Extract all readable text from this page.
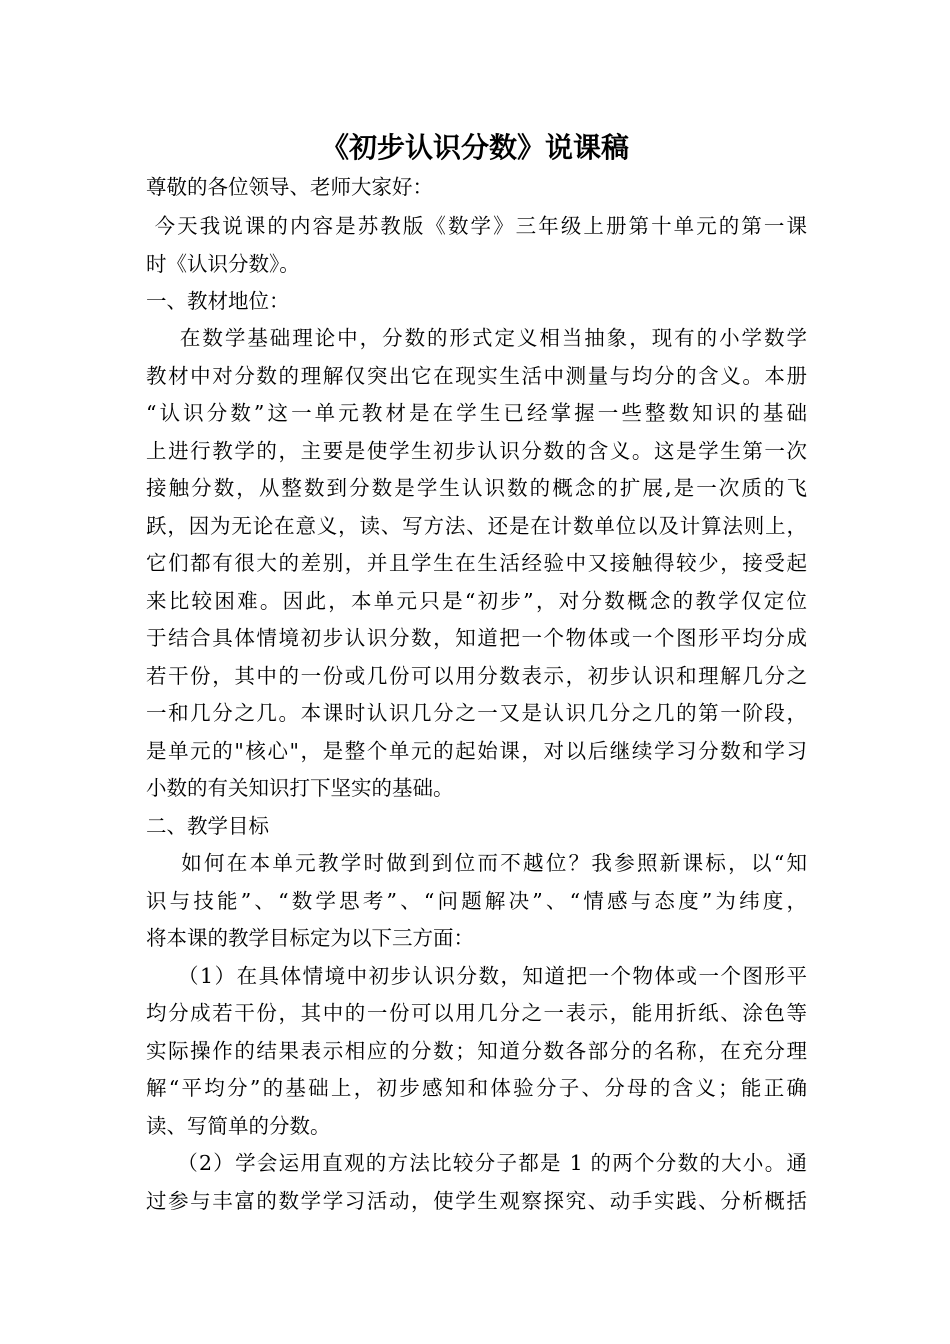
《初步认识分数》说课稿
尊敬的各位领导、老师大家好：
今天我说课的内容是苏教版《数学》三年级上册第十单元的第一课
时《认识分数》。
一、教材地位：
在数学基础理论中，分数的形式定义相当抽象，现有的小学数学
教材中对分数的理解仅突出它在现实生活中测量与均分的含义。本册
“认识分数”这一单元教材是在学生已经掌握一些整数知识的基础
上进行教学的，主要是使学生初步认识分数的含义。这是学生第一次
接触分数，从整数到分数是学生认识数的概念的扩展,是一次质的飞
跃，因为无论在意义，读、写方法、还是在计数单位以及计算法则上，
它们都有很大的差别，并且学生在生活经验中又接触得较少，接受起
来比较困难。因此，本单元只是“初步”，对分数概念的教学仅定位
于结合具体情境初步认识分数，知道把一个物体或一个图形平均分成
若干份，其中的一份或几份可以用分数表示，初步认识和理解几分之
一和几分之几。本课时认识几分之一又是认识几分之几的第一阶段，
是单元的"核心"，是整个单元的起始课，对以后继续学习分数和学习
小数的有关知识打下坚实的基础。
二、教学目标
如何在本单元教学时做到到位而不越位？我参照新课标，以“知
识与技能”、“数学思考”、“问题解决”、“情感与态度”为纬度，
将本课的教学目标定为以下三方面：
（1）在具体情境中初步认识分数，知道把一个物体或一个图形平
均分成若干份，其中的一份可以用几分之一表示，能用折纸、涂色等
实际操作的结果表示相应的分数；知道分数各部分的名称，在充分理
解“平均分”的基础上，初步感知和体验分子、分母的含义；能正确
读、写简单的分数。
（2）学会运用直观的方法比较分子都是 1 的两个分数的大小。通
过参与丰富的数学学习活动，使学生观察探究、动手实践、分析概括
